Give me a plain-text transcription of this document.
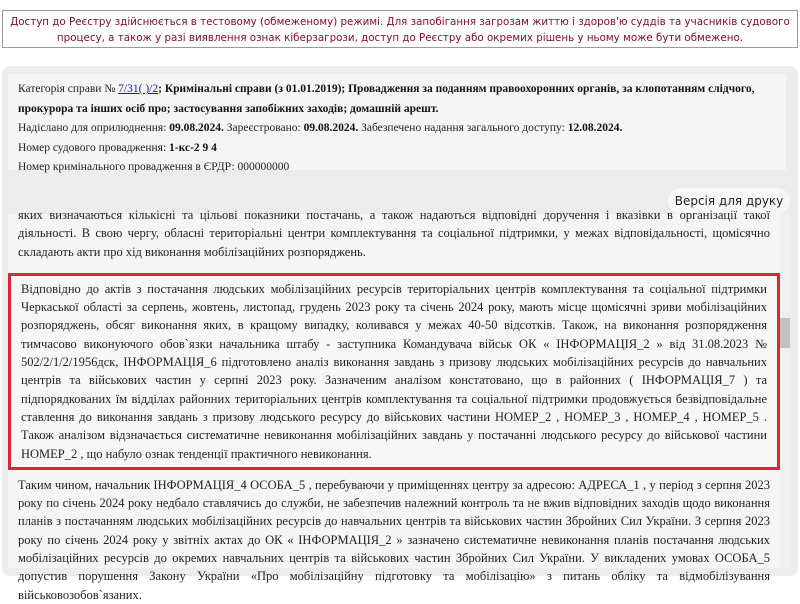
Доступ до Реєстру здійснюється в тестовому (обмеженому) режимі. Для запобігання загрозам життю і здоров'ю суддів та учасників судового процесу, а також у разі виявлення ознак кіберзагрози, доступ до Реєстру або окремих рішень у ньому може бути обмежено.
Категорія справи № 7/31( )/2; Кримінальні справи (з 01.01.2019); Провадження за поданням правоохоронних органів, за клопотанням слідчого, прокурора та інших осіб про; застосування запобіжних заходів; домашній арешт.
Надіслано для оприлюднення: 09.08.2024. Зареєстровано: 09.08.2024. Забезпечено надання загального доступу: 12.08.2024.
Номер судового провадження: 1-кс-2 9 4
Номер кримінального провадження в ЄРДР: 000000000
Версія для друку

яких визначаються кількісні та цільові показники постачань, а також надаються відповідні доручення і вказівки в організації такої діяльності. В свою чергу, обласні територіальні центри комплектування та соціальної підтримки, у межах відповідальності, щомісячно складають акти про хід виконання мобілізаційних розпоряджень.

Відповідно до актів з постачання людських мобілізаційних ресурсів територіальних центрів комплектування та соціальної підтримки Черкаської області за серпень, жовтень, листопад, грудень 2023 року та січень 2024 року, мають місце щомісячні зриви мобілізаційних розпоряджень, обсяг виконання яких, в кращому випадку, коливався у межах 40-50 відсотків. Також, на виконання розпорядження тимчасово виконуючого обов`язки начальника штабу - заступника Командувача військ ОК « ІНФОРМАЦІЯ_2 » від 31.08.2023 № 502/2/1/2/1956дск, ІНФОРМАЦІЯ_6 підготовлено аналіз виконання завдань з призову людських мобілізаційних ресурсів до навчальних центрів та військових частин у серпні 2023 року. Зазначеним аналізом констатовано, що в районних ( ІНФОРМАЦІЯ_7 ) та підпорядкованих їм відділах районних територіальних центрів комплектування та соціальної підтримки продовжується безвідповідальне ставлення до виконання завдань з призову людського ресурсу до військових частини НОМЕР_2 , НОМЕР_3 , НОМЕР_4 , НОМЕР_5 . Також аналізом відзначається систематичне невиконання мобілізаційних завдань у постачанні людського ресурсу до військової частини НОМЕР_2 , що набуло ознак тенденції практичного невиконання.

Таким чином, начальник ІНФОРМАЦІЯ_4 ОСОБА_5 , перебуваючи у приміщеннях центру за адресою: АДРЕСА_1 , у період з серпня 2023 року по січень 2024 року недбало ставлячись до служби, не забезпечив належний контроль та не вжив відповідних заходів щодо виконання планів з постачанням людських мобілізаційних ресурсів до навчальних центрів та військових частин Збройних Сил України. З серпня 2023 року по січень 2024 року у звітніх актах до ОК « ІНФОРМАЦІЯ_2 » зазначено систематичне невиконання планів постачання людських мобілізаційних ресурсів до окремих навчальних центрів та військових частин Збройних Сил України. У викладених умовах ОСОБА_5 допустив порушення Закону України «Про мобілізаційну підготовку та мобілізацію» з питань обліку та відмобілізування військовозобов`язаних.
